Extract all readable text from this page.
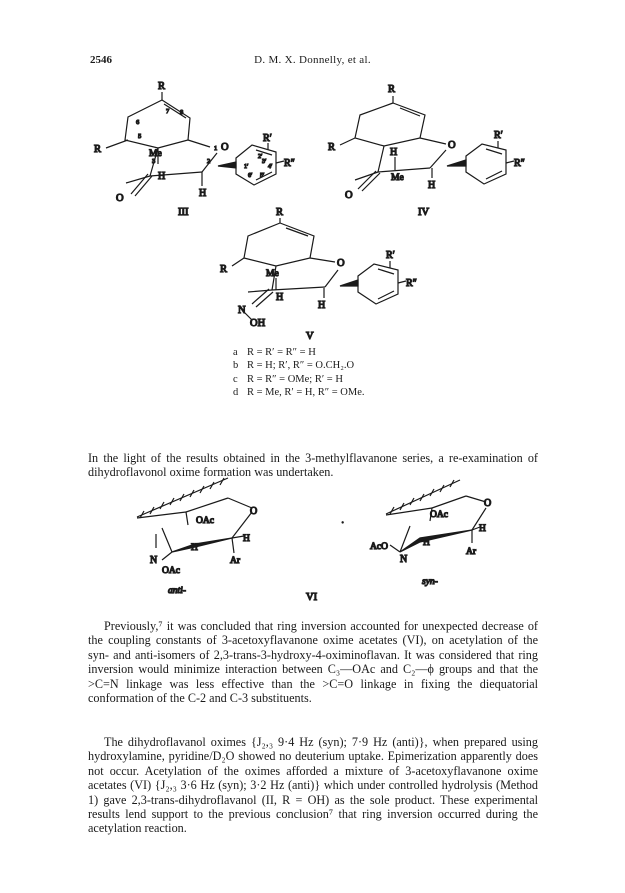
2546	D. M. X. Donnelly, et al.
R
R
8
7
6
5
3	2
1 O
Me
H
H
O
R′
R″
2′
3′
1′	4′
6′ 5′
III
R
R	O
H
Me
H
O
R′
R″
IV
R
R
O
Me
H
H
N
OH
R′
R″
V
OAc
O
H
H
Ar
N
OAc
anti-
OAc
O
H
H
Ar
AcO
N
syn-
VI
·
a R = R′ = R″ = H
b R = H; R′, R″ = O.CH₂.O
c R = R″ = OMe; R′ = H
d R = Me, R′ = H, R″ = OMe.

In the light of the results obtained in the 3-methylflavanone series, a re-examination of dihydroflavonol oxime formation was undertaken.

Previously,⁷ it was concluded that ring inversion accounted for unexpected decrease of the coupling constants of 3-acetoxyflavanone oxime acetates (VI), on acetylation of the syn- and anti-isomers of 2,3-trans-3-hydroxy-4-oximinoflavan. It was considered that ring inversion would minimize interaction between C₃—OAc and C₂—ϕ groups and that the >C=N linkage was less effective than the >C=O linkage in fixing the diequatorial conformation of the C-2 and C-3 substituents.

The dihydroflavanol oximes {J₂,₃ 9·4 Hz (syn); 7·9 Hz (anti)}, when prepared using hydroxylamine, pyridine/D₂O showed no deuterium uptake. Epimerization apparently does not occur. Acetylation of the oximes afforded a mixture of 3-acetoxyflavanone oxime acetates (VI) {J₂,₃ 3·6 Hz (syn); 3·2 Hz (anti)} which under controlled hydrolysis (Method 1) gave 2,3-trans-dihydroflavanol (II, R = OH) as the sole product. These experimental results lend support to the previous conclusion⁷ that ring inversion occurred during the acetylation reaction.
